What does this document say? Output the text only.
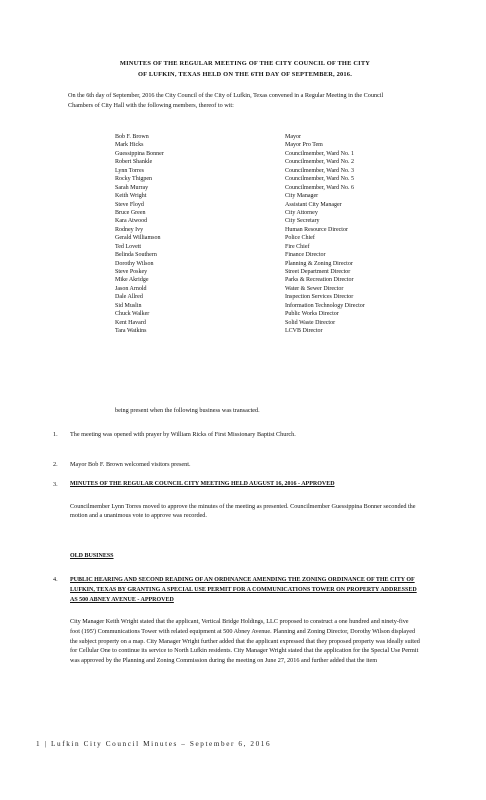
MINUTES OF THE REGULAR MEETING OF THE CITY COUNCIL OF THE CITY
OF LUFKIN, TEXAS HELD ON THE 6TH DAY OF SEPTEMBER, 2016.
On the 6th day of September, 2016 the City Council of the City of Lufkin, Texas convened in a Regular Meeting in the Council Chambers of City Hall with the following members, thereof to wit:
Bob F. Brown	Mayor
Mark Hicks	Mayor Pro Tem
Guessippina Bonner	Councilmember, Ward No. 1
Robert Shankle	Councilmember, Ward No. 2
Lynn Torres	Councilmember, Ward No. 3
Rocky Thigpen	Councilmember, Ward No. 5
Sarah Murray	Councilmember, Ward No. 6
Keith Wright	City Manager
Steve Floyd	Assistant City Manager
Bruce Green	City Attorney
Kara Atwood	City Secretary
Rodney Ivy	Human Resource Director
Gerald Williamson	Police Chief
Ted Lovett	Fire Chief
Belinda Southern	Finance Director
Dorothy Wilson	Planning & Zoning Director
Steve Poskey	Street Department Director
Mike Akridge	Parks & Recreation Director
Jason Arnold	Water & Sewer Director
Dale Allred	Inspection Services Director
Sid Muslin	Information Technology Director
Chuck Walker	Public Works Director
Kent Havard	Solid Waste Director
Tara Watkins	LCVB Director
being present when the following business was transacted.
1. The meeting was opened with prayer by William Ricks of First Missionary Baptist Church.
2. Mayor Bob F. Brown welcomed visitors present.
3. MINUTES OF THE REGULAR COUNCIL CITY MEETING HELD AUGUST 16, 2016 - APPROVED
Councilmember Lynn Torres moved to approve the minutes of the meeting as presented. Councilmember Guessippina Bonner seconded the motion and a unanimous vote to approve was recorded.
OLD BUSINESS
4. PUBLIC HEARING AND SECOND READING OF AN ORDINANCE AMENDING THE ZONING ORDINANCE OF THE CITY OF LUFKIN, TEXAS BY GRANTING A SPECIAL USE PERMIT FOR A COMMUNICATIONS TOWER ON PROPERTY ADDRESSED AS 500 ABNEY AVENUE - APPROVED
City Manager Keith Wright stated that the applicant, Vertical Bridge Holdings, LLC proposed to construct a one hundred and ninety-five foot (195') Communications Tower with related equipment at 500 Abney Avenue. Planning and Zoning Director, Dorothy Wilson displayed the subject property on a map. City Manager Wright further added that the applicant expressed that they proposed property was ideally suited for Cellular One to continue its service to North Lufkin residents. City Manager Wright stated that the application for the Special Use Permit was approved by the Planning and Zoning Commission during the meeting on June 27, 2016 and further added that the item
1 | Lufkin City Council Minutes – September 6, 2016
